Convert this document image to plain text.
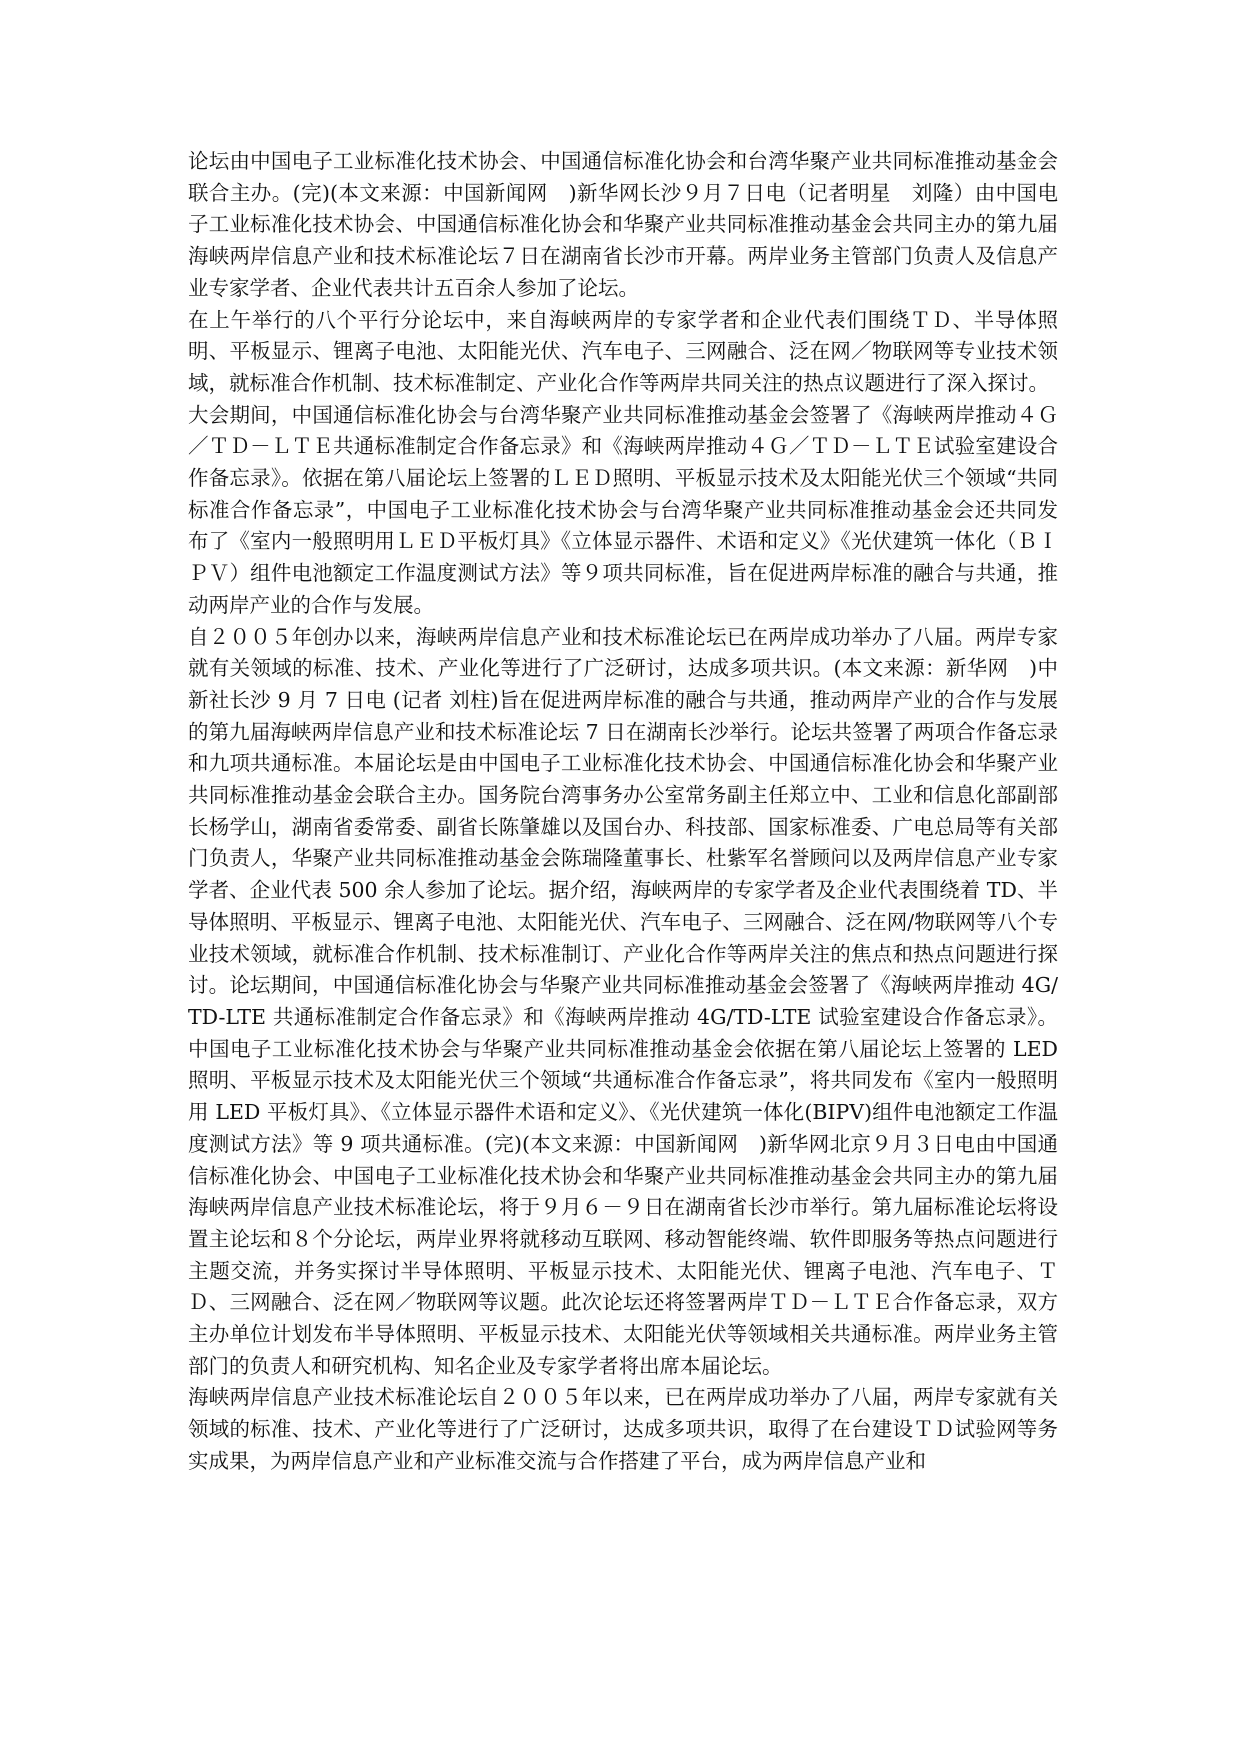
论坛由中国电子工业标准化技术协会、中国通信标准化协会和台湾华聚产业共同标准推动基金会联合主办。(完)(本文来源：中国新闻网　)新华网长沙９月７日电（记者明星　刘隆）由中国电子工业标准化技术协会、中国通信标准化协会和华聚产业共同标准推动基金会共同主办的第九届海峡两岸信息产业和技术标准论坛７日在湖南省长沙市开幕。两岸业务主管部门负责人及信息产业专家学者、企业代表共计五百余人参加了论坛。

在上午举行的八个平行分论坛中，来自海峡两岸的专家学者和企业代表们围绕ＴＤ、半导体照明、平板显示、锂离子电池、太阳能光伏、汽车电子、三网融合、泛在网／物联网等专业技术领域，就标准合作机制、技术标准制定、产业化合作等两岸共同关注的热点议题进行了深入探讨。

大会期间，中国通信标准化协会与台湾华聚产业共同标准推动基金会签署了《海峡两岸推动４Ｇ／ＴＤ－ＬＴＥ共通标准制定合作备忘录》和《海峡两岸推动４Ｇ／ＴＤ－ＬＴＥ试验室建设合作备忘录》。依据在第八届论坛上签署的ＬＥＤ照明、平板显示技术及太阳能光伏三个领域“共同标准合作备忘录”，中国电子工业标准化技术协会与台湾华聚产业共同标准推动基金会还共同发布了《室内一般照明用ＬＥＤ平板灯具》《立体显示器件、术语和定义》《光伏建筑一体化（ＢＩＰＶ）组件电池额定工作温度测试方法》等９项共同标准，旨在促进两岸标准的融合与共通，推动两岸产业的合作与发展。

自２００５年创办以来，海峡两岸信息产业和技术标准论坛已在两岸成功举办了八届。两岸专家就有关领域的标准、技术、产业化等进行了广泛研讨，达成多项共识。(本文来源：新华网　)中新社长沙 9 月 7 日电 (记者 刘柱)旨在促进两岸标准的融合与共通，推动两岸产业的合作与发展的第九届海峡两岸信息产业和技术标准论坛 7 日在湖南长沙举行。论坛共签署了两项合作备忘录和九项共通标准。本届论坛是由中国电子工业标准化技术协会、中国通信标准化协会和华聚产业共同标准推动基金会联合主办。国务院台湾事务办公室常务副主任郑立中、工业和信息化部副部长杨学山，湖南省委常委、副省长陈肇雄以及国台办、科技部、国家标准委、广电总局等有关部门负责人，华聚产业共同标准推动基金会陈瑞隆董事长、杜紫军名誉顾问以及两岸信息产业专家学者、企业代表 500 余人参加了论坛。据介绍，海峡两岸的专家学者及企业代表围绕着 TD、半导体照明、平板显示、锂离子电池、太阳能光伏、汽车电子、三网融合、泛在网/物联网等八个专业技术领域，就标准合作机制、技术标准制订、产业化合作等两岸关注的焦点和热点问题进行探讨。论坛期间，中国通信标准化协会与华聚产业共同标准推动基金会签署了《海峡两岸推动 4G/TD-LTE 共通标准制定合作备忘录》和《海峡两岸推动 4G/TD-LTE 试验室建设合作备忘录》。中国电子工业标准化技术协会与华聚产业共同标准推动基金会依据在第八届论坛上签署的 LED 照明、平板显示技术及太阳能光伏三个领域“共通标准合作备忘录”，将共同发布《室内一般照明用 LED 平板灯具》、《立体显示器件术语和定义》、《光伏建筑一体化(BIPV)组件电池额定工作温度测试方法》等 9 项共通标准。(完)(本文来源：中国新闻网　)新华网北京９月３日电由中国通信标准化协会、中国电子工业标准化技术协会和华聚产业共同标准推动基金会共同主办的第九届海峡两岸信息产业技术标准论坛，将于９月６－９日在湖南省长沙市举行。第九届标准论坛将设置主论坛和８个分论坛，两岸业界将就移动互联网、移动智能终端、软件即服务等热点问题进行主题交流，并务实探讨半导体照明、平板显示技术、太阳能光伏、锂离子电池、汽车电子、ＴＤ、三网融合、泛在网／物联网等议题。此次论坛还将签署两岸ＴＤ－ＬＴＥ合作备忘录，双方主办单位计划发布半导体照明、平板显示技术、太阳能光伏等领域相关共通标准。两岸业务主管部门的负责人和研究机构、知名企业及专家学者将出席本届论坛。

海峡两岸信息产业技术标准论坛自２００５年以来，已在两岸成功举办了八届，两岸专家就有关领域的标准、技术、产业化等进行了广泛研讨，达成多项共识，取得了在台建设ＴＤ试验网等务实成果，为两岸信息产业和产业标准交流与合作搭建了平台，成为两岸信息产业和
